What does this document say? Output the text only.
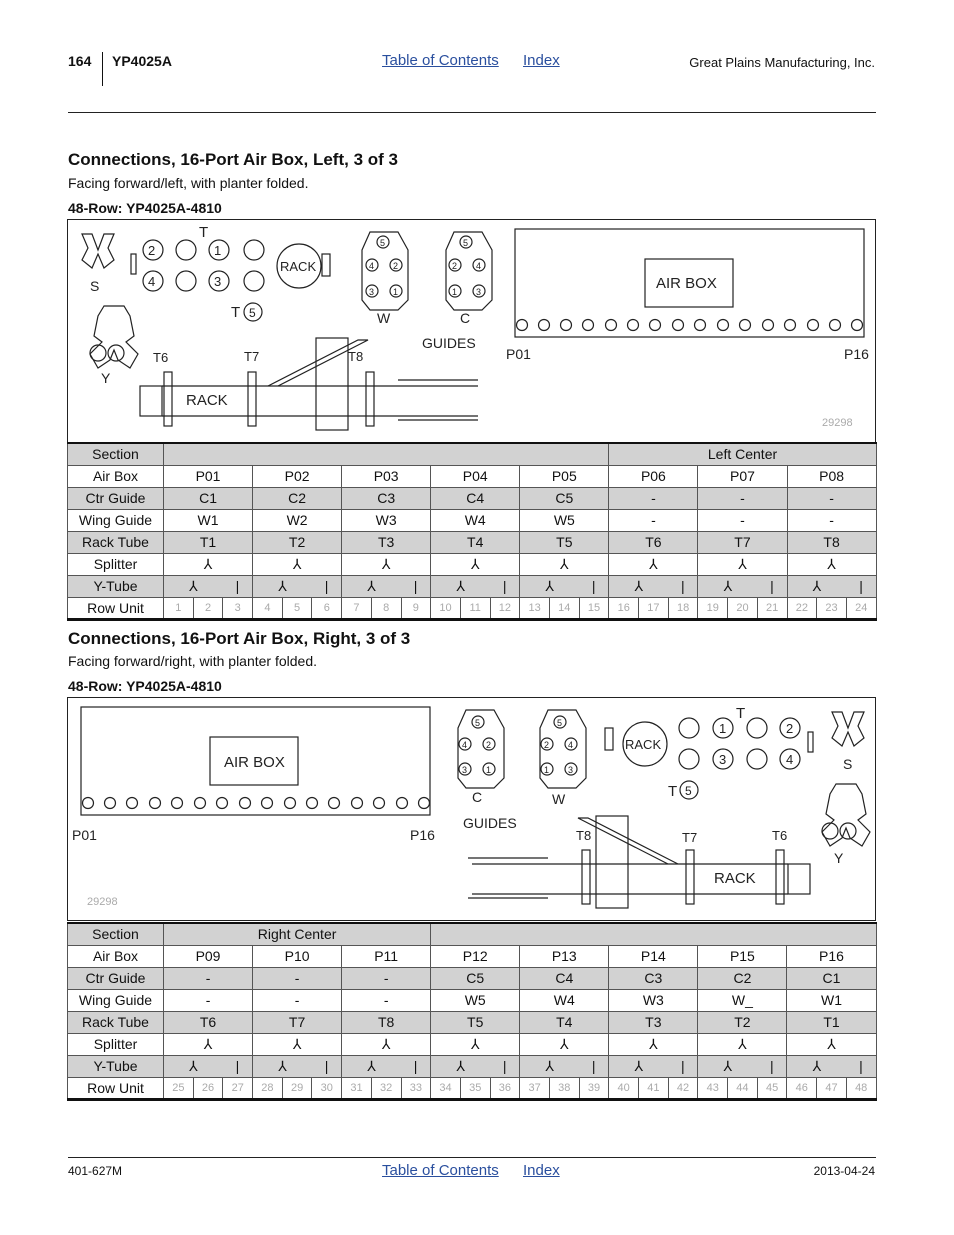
164 YP4025A	Table of Contents Index	Great Plains Manufacturing, Inc.
Connections, 16-Port Air Box, Left, 3 of 3
Facing forward/left, with planter folded.
48-Row: YP4025A-4810
S
2	1
4	3
T
RACK
T 5
Y
5
4 2
3 1
W
5
2 4
1 3
C
GUIDES
AIR BOX
P01	P16
T6	T7	T8
RACK
29298
Section																Left Center								
Air Box	P01			P02			P03			P04			P05			P06			P07			P08		
Ctr Guide	C1			C2			C3			C4			C5			-			-			-		
Wing Guide	W1			W2			W3			W4			W5			-			-			-		
Rack Tube	T1			T2			T3			T4			T5			T6			T7			T8		
Splitter	⅄			⅄			⅄			⅄			⅄			⅄			⅄			⅄		
Y-Tube	⅄		|	⅄		|	⅄		|	⅄		|	⅄		|	⅄		|	⅄		|	⅄		|
Row Unit	1	2	3	4	5	6	7	8	9	10	11	12	13	14	15	16	17	18	19	20	21	22	23	24
Connections, 16-Port Air Box, Right, 3 of 3
Facing forward/right, with planter folded.
48-Row: YP4025A-4810
AIR BOX
P01	P16
29298
5
4 2
3 1
C
5
2 4
1 3
W
GUIDES
RACK
1	2
3	4
T
T 5
S
Y
T8	T7	T6
RACK
Section	Right Center																							
Air Box	P09			P10			P11			P12			P13			P14			P15			P16		
Ctr Guide	-			-			-			C5			C4			C3			C2			C1		
Wing Guide	-			-			-			W5			W4			W3			W_			W1		
Rack Tube	T6			T7			T8			T5			T4			T3			T2			T1		
Splitter	⅄			⅄			⅄			⅄			⅄			⅄			⅄			⅄		
Y-Tube	⅄		|	⅄		|	⅄		|	⅄		|	⅄		|	⅄		|	⅄		|	⅄		|
Row Unit	25	26	27	28	29	30	31	32	33	34	35	36	37	38	39	40	41	42	43	44	45	46	47	48
401-627M	Table of Contents Index	2013-04-24
